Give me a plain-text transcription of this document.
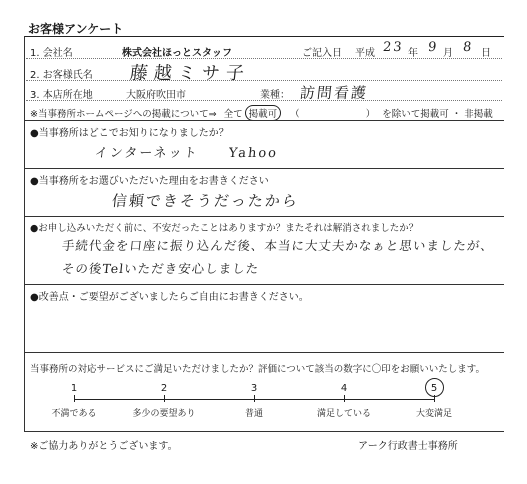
お客様アンケート
1. 会社名	株式会社ほっとスタッフ	ご記入日 平成 23 年 9 月 8 日
2. お客様氏名 藤越ミサ子
3. 本店所在地	大阪府吹田市	業種： 訪問看護
※当事務所ホームページへの掲載について⇒ 全て 掲載可 （	） を除いて掲載可 ・ 非掲載
●当事務所はどこでお知りになりましたか？
インターネット　　Yahoo
●当事務所をお選びいただいた理由をお書きください
信頼できそうだったから
●お申し込みいただく前に、不安だったことはありますか？またそれは解消されましたか？
手続代金を口座に振り込んだ後、本当に大丈夫かなぁと思いましたが、
その後Telいただき安心しました
●改善点・ご要望がございましたらご自由にお書きください。
当事務所の対応サービスにご満足いただけましたか？評価について該当の数字に〇印をお願いいたします。
1
不満である
2
多少の要望あり
3
普通
4
満足している
5
大変満足
※ご協力ありがとうございます。	アーク行政書士事務所
